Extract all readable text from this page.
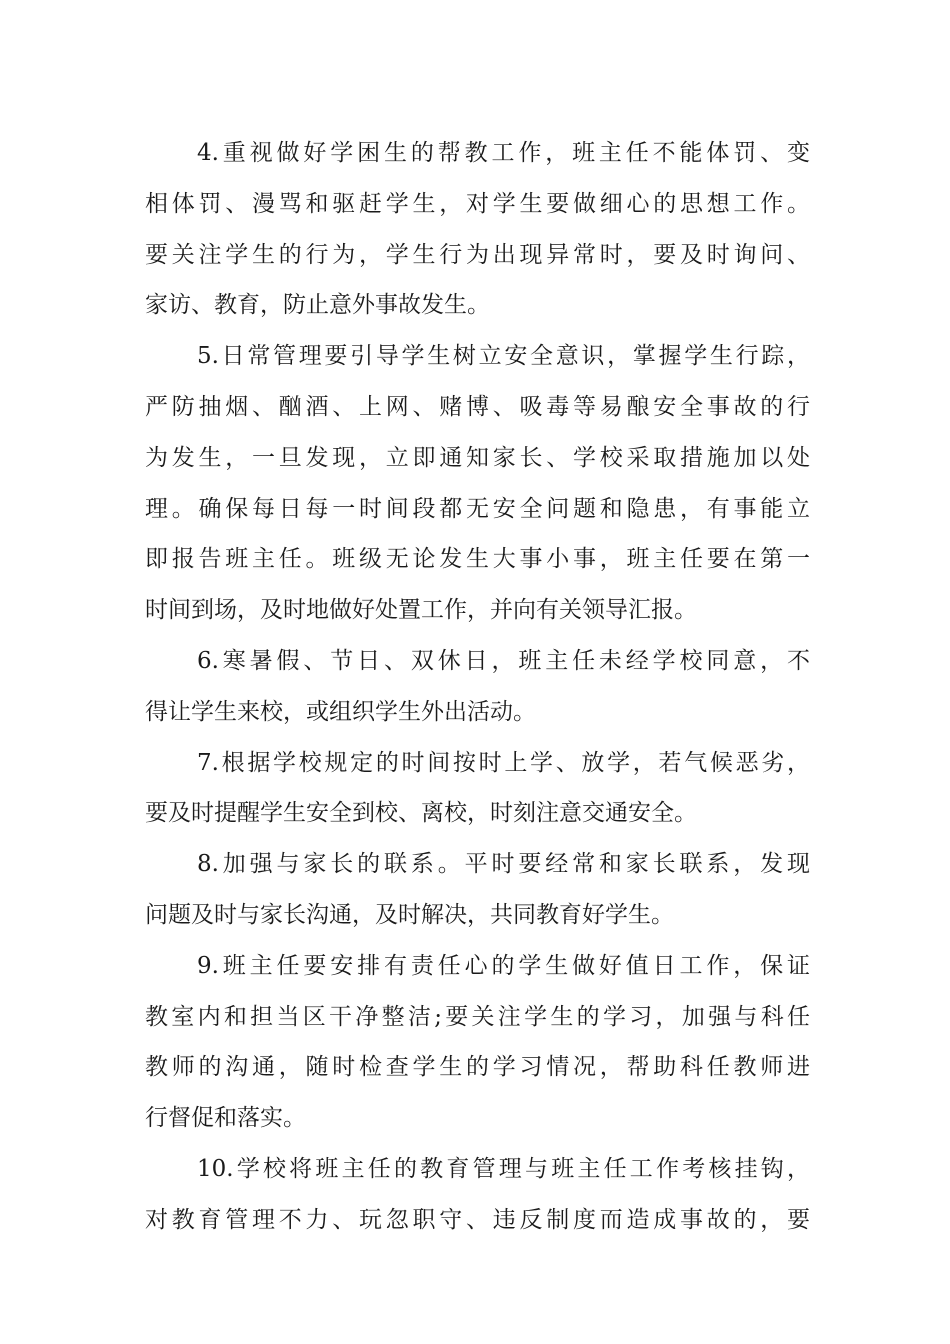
4.重视做好学困生的帮教工作，班主任不能体罚、变
相体罚、漫骂和驱赶学生，对学生要做细心的思想工作。
要关注学生的行为，学生行为出现异常时，要及时询问、
家访、教育，防止意外事故发生。
5.日常管理要引导学生树立安全意识，掌握学生行踪，
严防抽烟、酗酒、上网、赌博、吸毒等易酿安全事故的行
为发生，一旦发现，立即通知家长、学校采取措施加以处
理。确保每日每一时间段都无安全问题和隐患，有事能立
即报告班主任。班级无论发生大事小事，班主任要在第一
时间到场，及时地做好处置工作，并向有关领导汇报。
6.寒暑假、节日、双休日，班主任未经学校同意，不
得让学生来校，或组织学生外出活动。
7.根据学校规定的时间按时上学、放学，若气候恶劣，
要及时提醒学生安全到校、离校，时刻注意交通安全。
8.加强与家长的联系。平时要经常和家长联系，发现
问题及时与家长沟通，及时解决，共同教育好学生。
9.班主任要安排有责任心的学生做好值日工作，保证
教室内和担当区干净整洁;要关注学生的学习，加强与科任
教师的沟通，随时检查学生的学习情况，帮助科任教师进
行督促和落实。
10.学校将班主任的教育管理与班主任工作考核挂钩，
对教育管理不力、玩忽职守、违反制度而造成事故的，要
